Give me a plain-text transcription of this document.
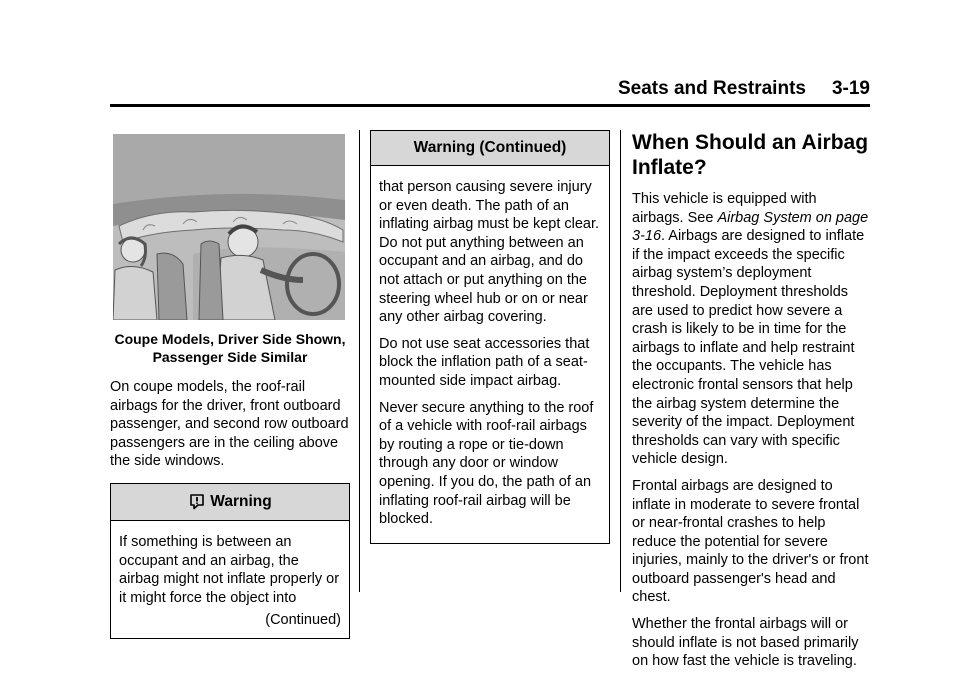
Seats and Restraints 3-19
Coupe Models, Driver Side Shown,
Passenger Side Similar

On coupe models, the roof-rail airbags for the driver, front outboard passenger, and second row outboard passengers are in the ceiling above the side windows.

Warning

If something is between an occupant and an airbag, the airbag might not inflate properly or it might force the object into

(Continued)
Warning (Continued)

that person causing severe injury or even death. The path of an inflating airbag must be kept clear. Do not put anything between an occupant and an airbag, and do not attach or put anything on the steering wheel hub or on or near any other airbag covering.

Do not use seat accessories that block the inflation path of a seat-mounted side impact airbag.

Never secure anything to the roof of a vehicle with roof-rail airbags by routing a rope or tie-down through any door or window opening. If you do, the path of an inflating roof-rail airbag will be blocked.

When Should an Airbag Inflate?

This vehicle is equipped with airbags. See Airbag System on page 3-16. Airbags are designed to inflate if the impact exceeds the specific airbag system’s deployment threshold. Deployment thresholds are used to predict how severe a crash is likely to be in time for the airbags to inflate and help restraint the occupants. The vehicle has electronic frontal sensors that help the airbag system determine the severity of the impact. Deployment thresholds can vary with specific vehicle design.

Frontal airbags are designed to inflate in moderate to severe frontal or near-frontal crashes to help reduce the potential for severe injuries, mainly to the driver's or front outboard passenger's head and chest.

Whether the frontal airbags will or should inflate is not based primarily on how fast the vehicle is traveling.
